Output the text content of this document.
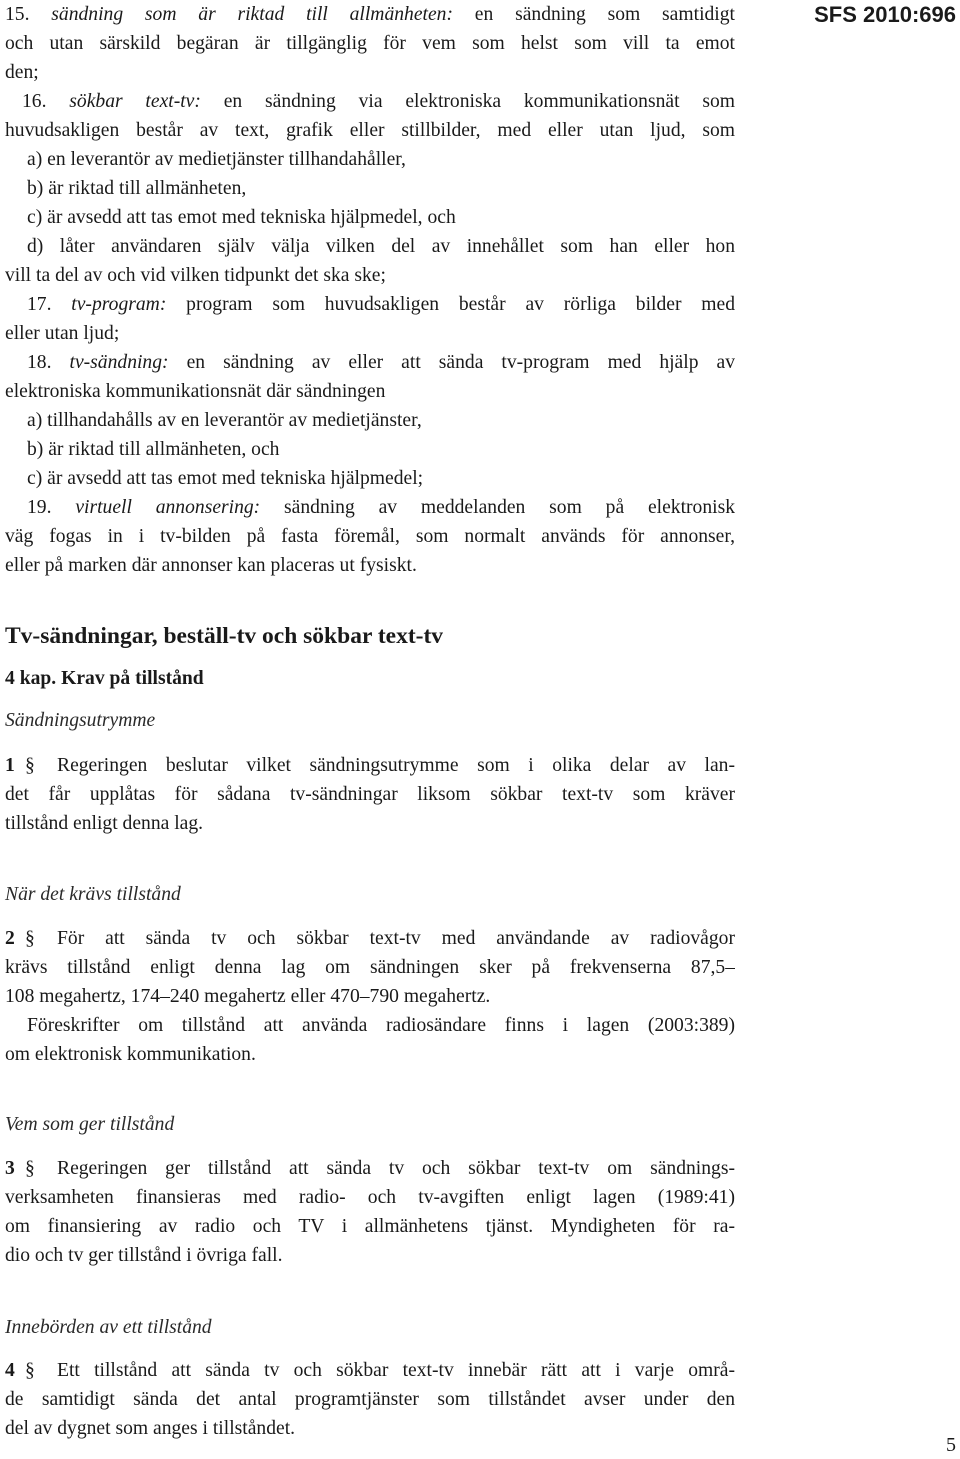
SFS 2010:696
15. sändning som är riktad till allmänheten: en sändning som samtidigt
och utan särskild begäran är tillgänglig för vem som helst som vill ta emot
den;
16. sökbar text-tv: en sändning via elektroniska kommunikationsnät som
huvudsakligen består av text, grafik eller stillbilder, med eller utan ljud, som
a) en leverantör av medietjänster tillhandahåller,
b) är riktad till allmänheten,
c) är avsedd att tas emot med tekniska hjälpmedel, och
d) låter användaren själv välja vilken del av innehållet som han eller hon
vill ta del av och vid vilken tidpunkt det ska ske;
17. tv-program: program som huvudsakligen består av rörliga bilder med
eller utan ljud;
18. tv-sändning: en sändning av eller att sända tv-program med hjälp av
elektroniska kommunikationsnät där sändningen
a) tillhandahålls av en leverantör av medietjänster,
b) är riktad till allmänheten, och
c) är avsedd att tas emot med tekniska hjälpmedel;
19. virtuell annonsering: sändning av meddelanden som på elektronisk
väg fogas in i tv-bilden på fasta föremål, som normalt används för annonser,
eller på marken där annonser kan placeras ut fysiskt.
Tv-sändningar, beställ-tv och sökbar text-tv
4 kap. Krav på tillstånd
Sändningsutrymme
1 §	Regeringen beslutar vilket sändningsutrymme som i olika delar av lan-
det får upplåtas för sådana tv-sändningar liksom sökbar text-tv som kräver
tillstånd enligt denna lag.
När det krävs tillstånd
2 §	För att sända tv och sökbar text-tv med användande av radiovågor
krävs tillstånd enligt denna lag om sändningen sker på frekvenserna 87,5–
108 megahertz, 174–240 megahertz eller 470–790 megahertz.
Föreskrifter om tillstånd att använda radiosändare finns i lagen (2003:389)
om elektronisk kommunikation.
Vem som ger tillstånd
3 §	Regeringen ger tillstånd att sända tv och sökbar text-tv om sändnings-
verksamheten finansieras med radio- och tv-avgiften enligt lagen (1989:41)
om finansiering av radio och TV i allmänhetens tjänst. Myndigheten för ra-
dio och tv ger tillstånd i övriga fall.
Innebörden av ett tillstånd
4 §	Ett tillstånd att sända tv och sökbar text-tv innebär rätt att i varje områ-
de samtidigt sända det antal programtjänster som tillståndet avser under den
del av dygnet som anges i tillståndet.
5
